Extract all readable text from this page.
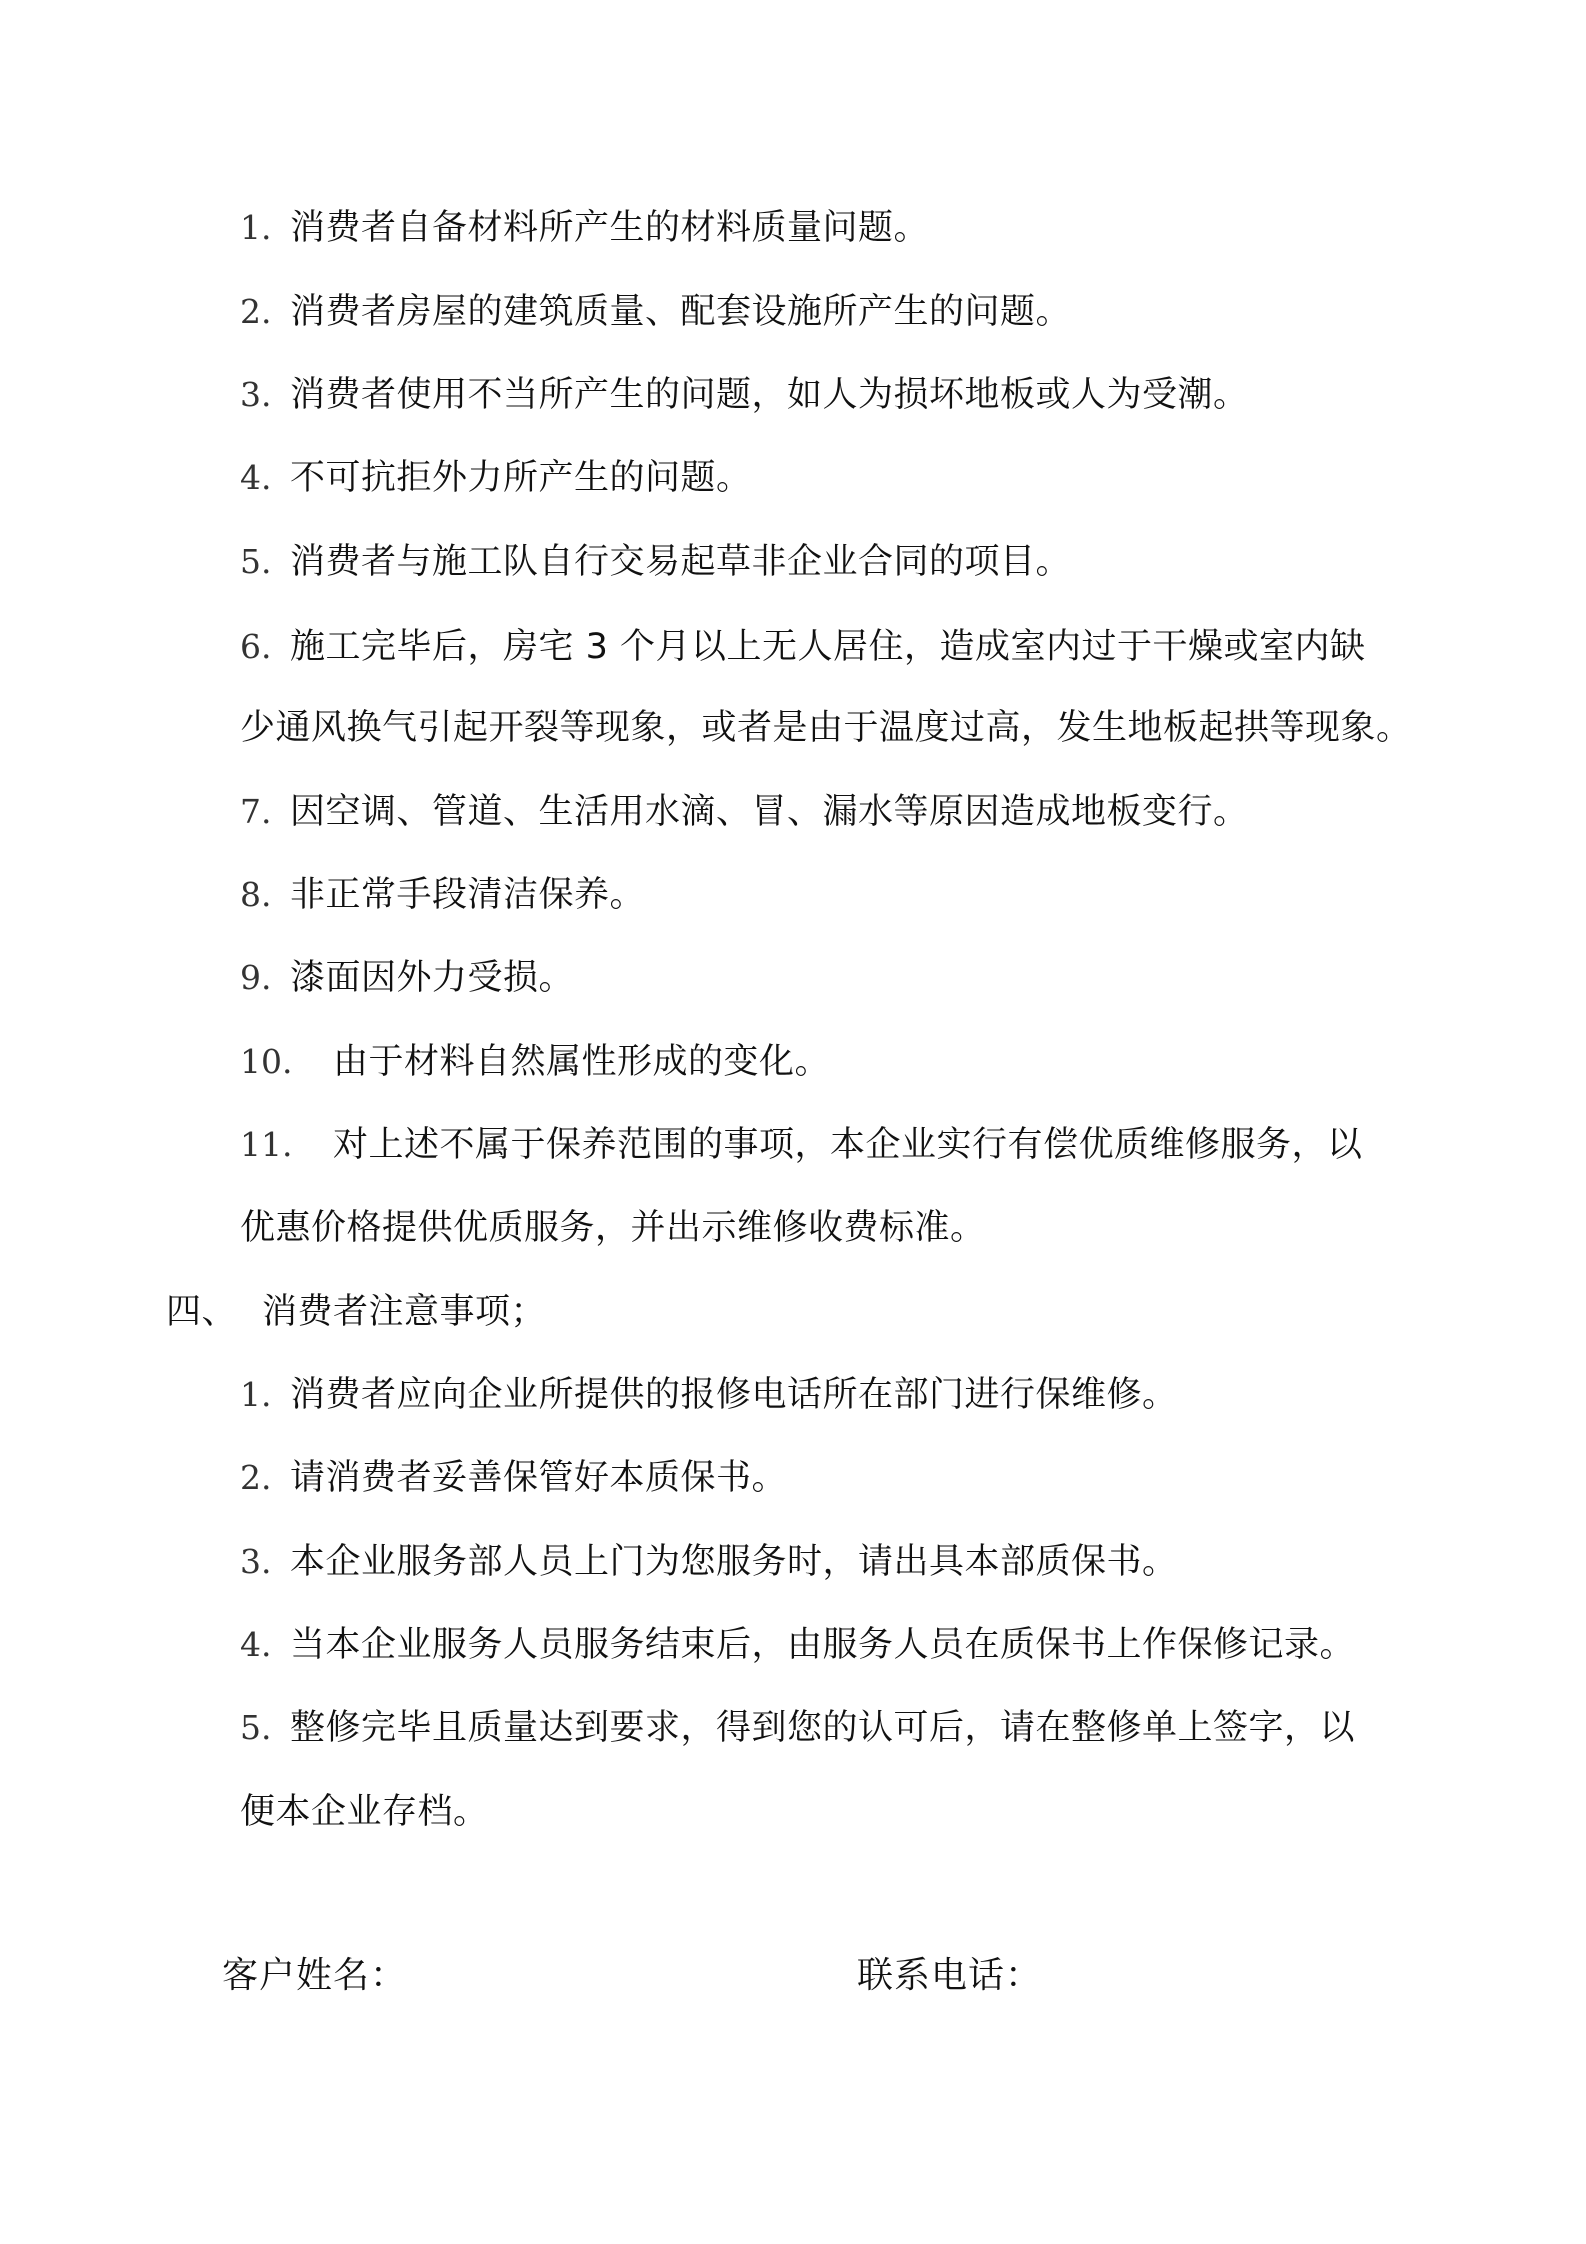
1. 消费者自备材料所产生的材料质量问题。
2. 消费者房屋的建筑质量、配套设施所产生的问题。
3. 消费者使用不当所产生的问题，如人为损坏地板或人为受潮。
4. 不可抗拒外力所产生的问题。
5. 消费者与施工队自行交易起草非企业合同的项目。
6. 施工完毕后，房宅 3 个月以上无人居住，造成室内过于干燥或室内缺
少通风换气引起开裂等现象，或者是由于温度过高，发生地板起拱等现象。
7. 因空调、管道、生活用水滴、冒、漏水等原因造成地板变行。
8. 非正常手段清洁保养。
9. 漆面因外力受损。
10. 由于材料自然属性形成的变化。
11. 对上述不属于保养范围的事项，本企业实行有偿优质维修服务，以
优惠价格提供优质服务，并出示维修收费标准。
四、 消费者注意事项；
1. 消费者应向企业所提供的报修电话所在部门进行保维修。
2. 请消费者妥善保管好本质保书。
3. 本企业服务部人员上门为您服务时，请出具本部质保书。
4. 当本企业服务人员服务结束后，由服务人员在质保书上作保修记录。
5. 整修完毕且质量达到要求，得到您的认可后，请在整修单上签字，以
便本企业存档。
客户姓名：	联系电话：
